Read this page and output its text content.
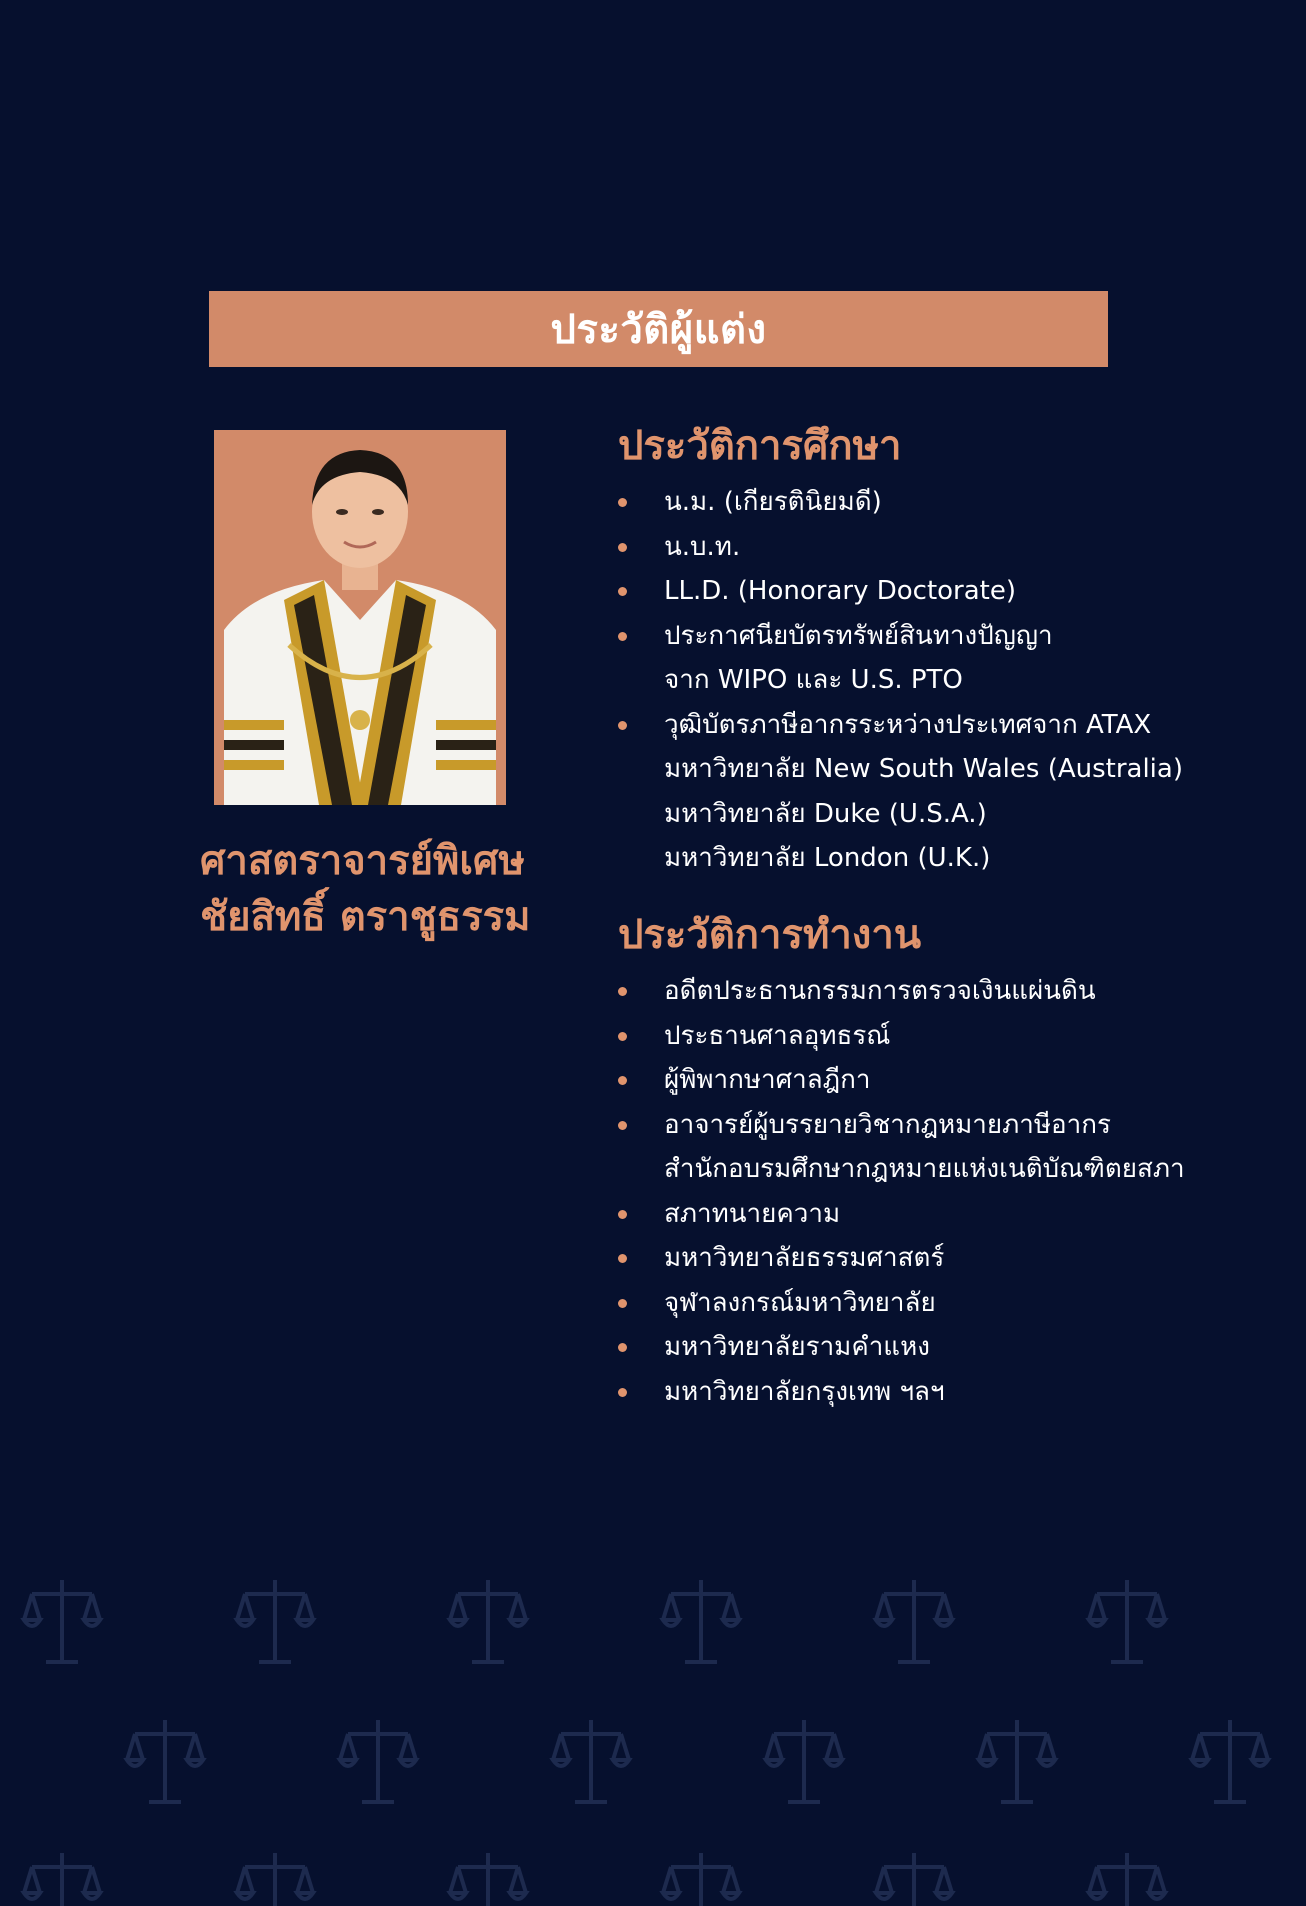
ประวัติผู้แต่ง
ศาสตราจารย์พิเศษ
ชัยสิทธิ์ ตราชูธรรม
ประวัติการศึกษา
น.ม. (เกียรตินิยมดี)
น.บ.ท.
LL.D. (Honorary Doctorate)
ประกาศนียบัตรทรัพย์สินทางปัญญา
จาก WIPO และ U.S. PTO
วุฒิบัตรภาษีอากรระหว่างประเทศจาก ATAX
มหาวิทยาลัย New South Wales (Australia)
มหาวิทยาลัย Duke (U.S.A.)
มหาวิทยาลัย London (U.K.)
ประวัติการทำงาน
อดีตประธานกรรมการตรวจเงินแผ่นดิน
ประธานศาลอุทธรณ์
ผู้พิพากษาศาลฎีกา
อาจารย์ผู้บรรยายวิชากฎหมายภาษีอากร
สำนักอบรมศึกษากฎหมายแห่งเนติบัณฑิตยสภา
สภาทนายความ
มหาวิทยาลัยธรรมศาสตร์
จุฬาลงกรณ์มหาวิทยาลัย
มหาวิทยาลัยรามคำแหง
มหาวิทยาลัยกรุงเทพ ฯลฯ
